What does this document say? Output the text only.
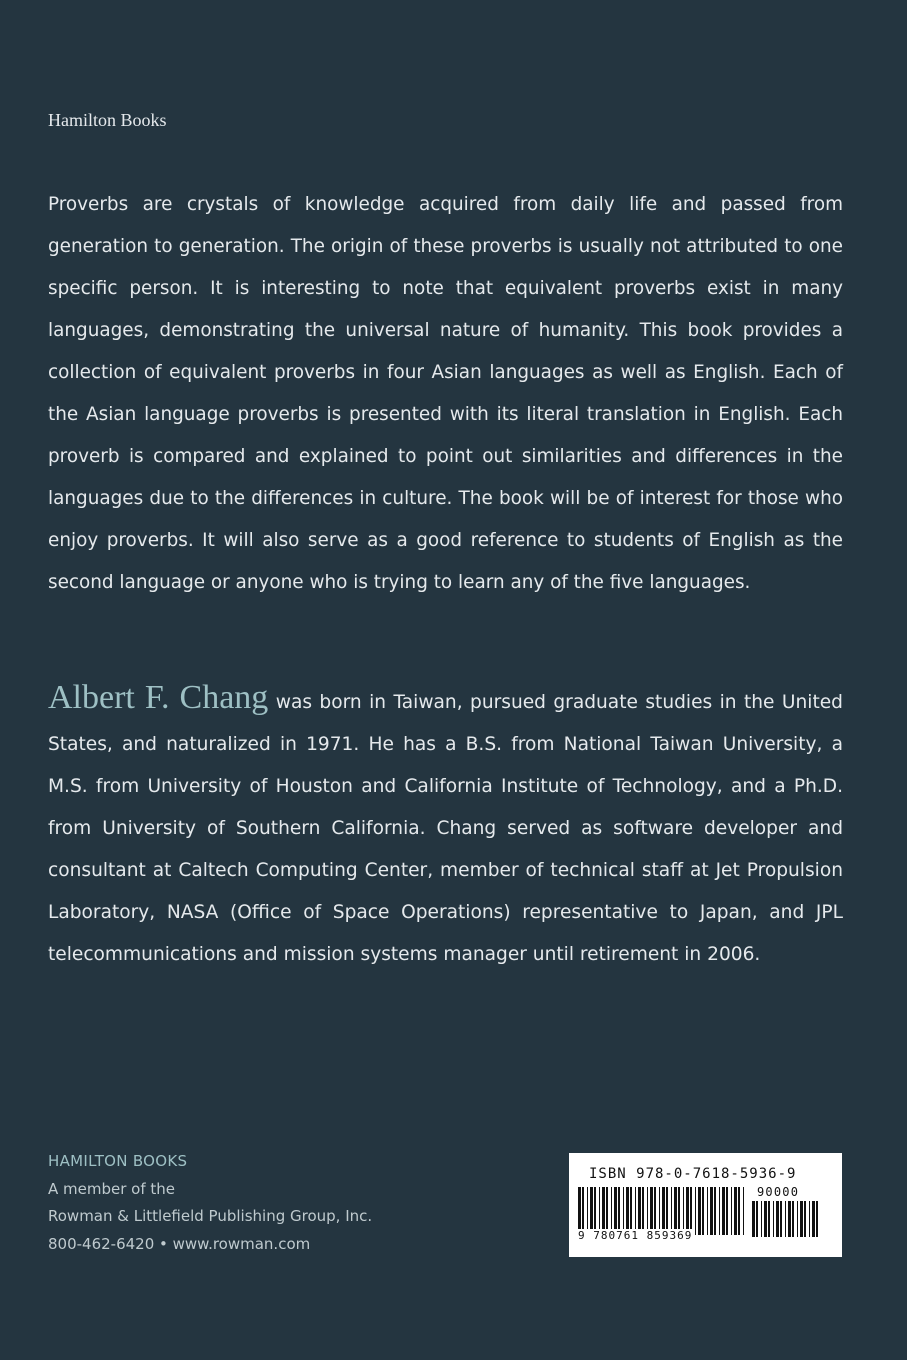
Hamilton Books
Proverbs are crystals of knowledge acquired from daily life and passed from generation to generation. The origin of these proverbs is usually not attributed to one specific person. It is interesting to note that equivalent proverbs exist in many languages, demonstrating the universal nature of humanity. This book provides a collection of equivalent proverbs in four Asian languages as well as English. Each of the Asian language proverbs is presented with its literal translation in English. Each proverb is compared and explained to point out similarities and differences in the languages due to the differences in culture. The book will be of interest for those who enjoy proverbs. It will also serve as a good reference to students of English as the second language or anyone who is trying to learn any of the five languages.
Albert F. Chang was born in Taiwan, pursued graduate studies in the United States, and naturalized in 1971. He has a B.S. from National Taiwan University, a M.S. from University of Houston and California Institute of Technology, and a Ph.D. from University of Southern California. Chang served as software developer and consultant at Caltech Computing Center, member of technical staff at Jet Propulsion Laboratory, NASA (Office of Space Operations) representative to Japan, and JPL telecommunications and mission systems manager until retirement in 2006.
HAMILTON BOOKS
A member of the
Rowman & Littlefield Publishing Group, Inc.
800-462-6420 • www.rowman.com
ISBN 978-0-7618-5936-9
90000
9 780761 859369
